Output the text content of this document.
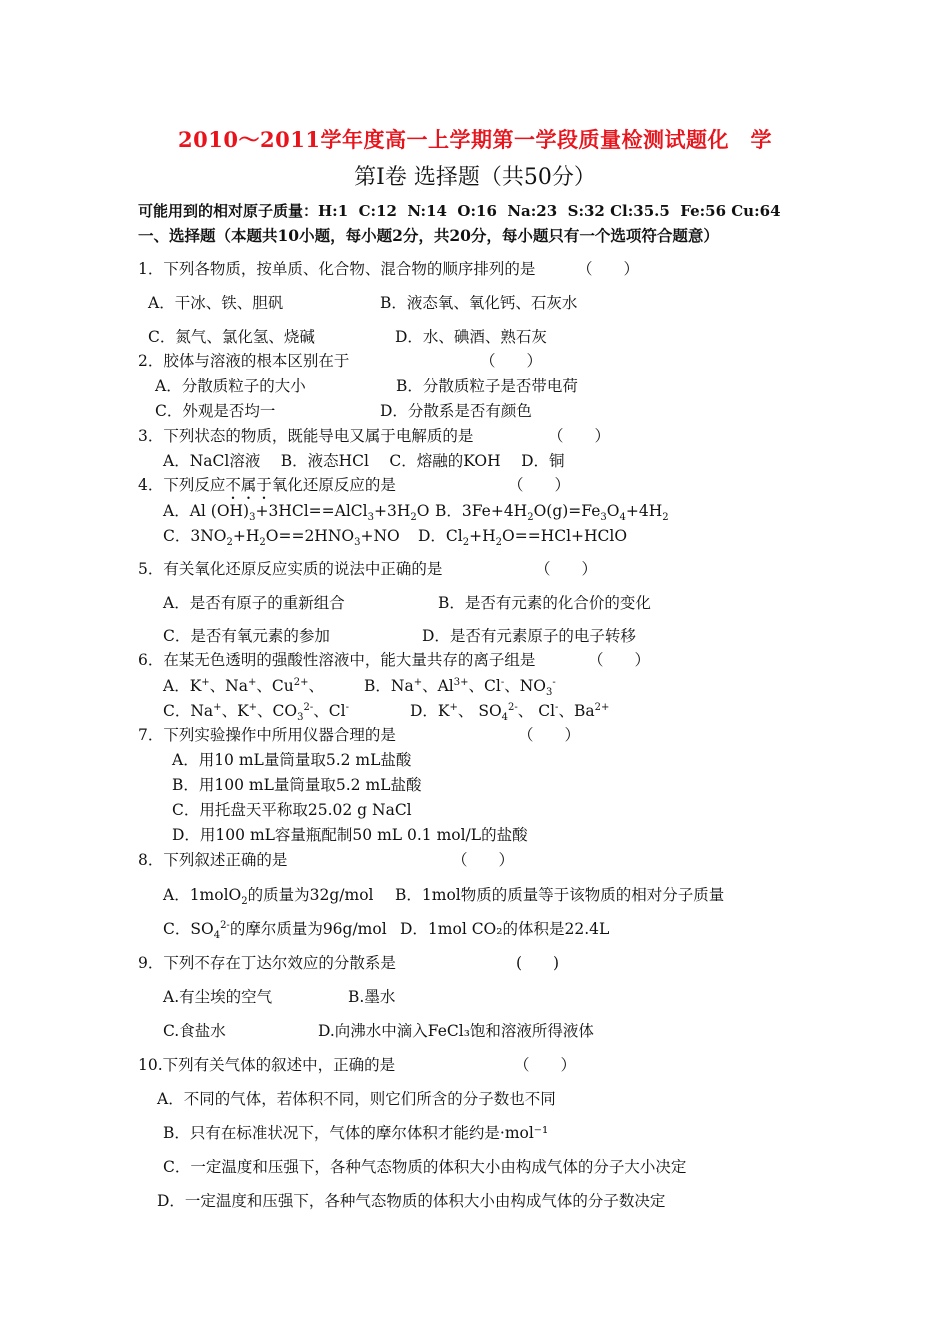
2010～2011学年度高一上学期第一学段质量检测试题化　学
第Ⅰ卷 选择题（共50分）
可能用到的相对原子质量：H:1  C:12  N:14  O:16  Na:23  S:32 Cl:35.5  Fe:56 Cu:64
一、选择题（本题共10小题，每小题2分，共20分，每小题只有一个选项符合题意）
1．下列各物质，按单质、化合物、混合物的顺序排列的是	（　　）
A．干冰、铁、胆矾	B．液态氧、氧化钙、石灰水
C．氮气、氯化氢、烧碱	D．水、碘酒、熟石灰
2．胶体与溶液的根本区别在于	（　　）
A．分散质粒子的大小	B．分散质粒子是否带电荷
C．外观是否均一	D．分散系是否有颜色
3．下列状态的物质，既能导电又属于电解质的是	（　　）
A．NaCl溶液　 B．液态HCl　 C．熔融的KOH　 D．铜
4．下列反应不属于氧化还原反应的是	（　　）
A．Al $(OH)_3+3HCl==AlCl_3+3H_2O$ B．$3Fe+4H_2O(g)=Fe_3O_4+4H_2$
C．$3NO_2+H_2O==2HNO_3+NO$ D．$Cl_2+H_2O==HCl+HClO$
5．有关氧化还原反应实质的说法中正确的是	（　　）
A．是否有原子的重新组合	B．是否有元素的化合价的变化
C．是否有氧元素的参加	D．是否有元素原子的电子转移
6．在某无色透明的强酸性溶液中，能大量共存的离子组是	（　　）
A．K+、Na+、$Cu^{2+}$、	B．Na+、$Al^{3+}$、Cl-、$NO_3^-$
C．Na+、K+、$CO_3^{2-}$、Cl-	D．K+、 $SO_4^{2-}$、 Cl-、$Ba^{2+}$
7．下列实验操作中所用仪器合理的是	（　　）
A．用10 mL量筒量取5.2 mL盐酸
B．用100 mL量筒量取5.2 mL盐酸
C．用托盘天平称取25.02 g NaCl
D．用100 mL容量瓶配制50 mL 0.1 mol/L的盐酸
8．下列叙述正确的是	（　　）
A．1molO$_2$的质量为32g/mol B．1mol物质的质量等于该物质的相对分子质量
C．$SO_4^{2-}$的摩尔质量为96g/mol D．1mol CO₂的体积是22.4L
9．下列不存在丁达尔效应的分散系是	(　　)
A.有尘埃的空气	B.墨水
C.食盐水	D.向沸水中滴入FeCl₃饱和溶液所得液体
10.下列有关气体的叙述中，正确的是	（　　）
A．不同的气体，若体积不同，则它们所含的分子数也不同
B．只有在标准状况下，气体的摩尔体积才能约是·mol⁻¹
C．一定温度和压强下，各种气态物质的体积大小由构成气体的分子大小决定
D．一定温度和压强下，各种气态物质的体积大小由构成气体的分子数决定
